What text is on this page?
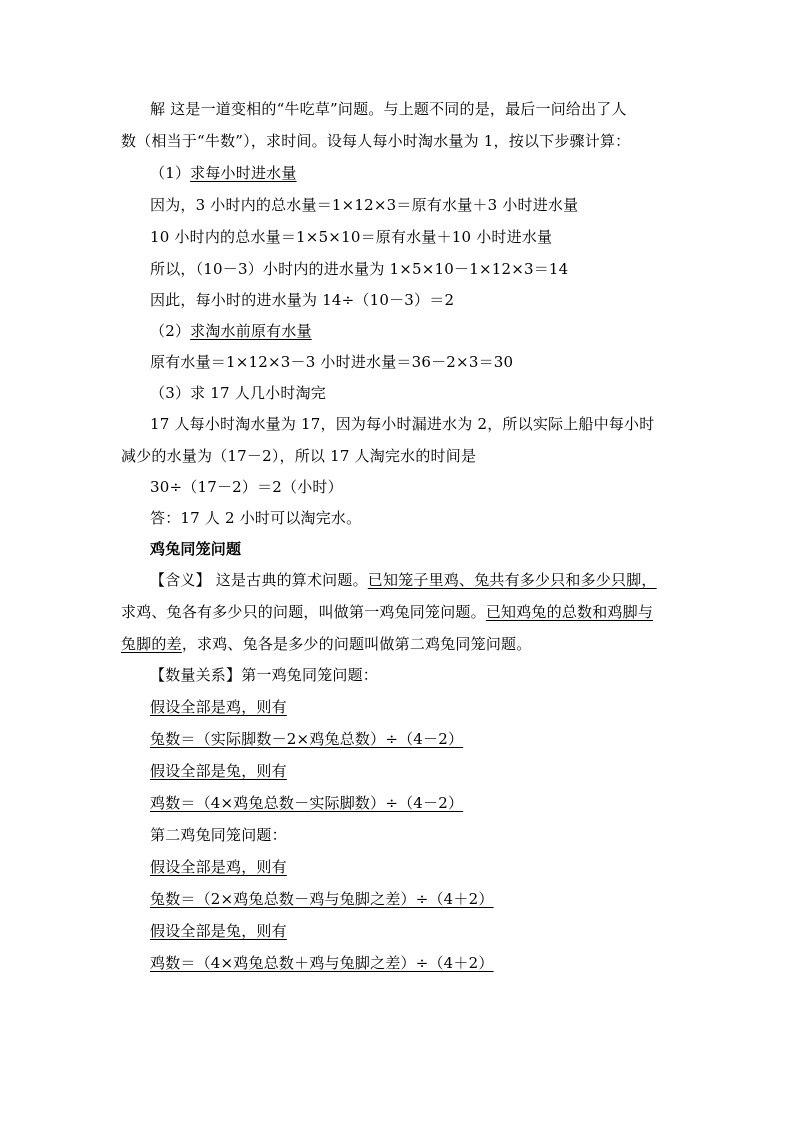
解 这是一道变相的“牛吃草”问题。与上题不同的是，最后一问给出了人
数（相当于“牛数”），求时间。设每人每小时淘水量为 1，按以下步骤计算：
（1）求每小时进水量
因为，3 小时内的总水量＝1×12×3＝原有水量＋3 小时进水量
10 小时内的总水量＝1×5×10＝原有水量＋10 小时进水量
所以，（10－3）小时内的进水量为 1×5×10－1×12×3＝14
因此，每小时的进水量为 14÷（10－3）＝2
（2）求淘水前原有水量
原有水量＝1×12×3－3 小时进水量＝36－2×3＝30
（3）求 17 人几小时淘完
17 人每小时淘水量为 17，因为每小时漏进水为 2，所以实际上船中每小时
减少的水量为（17－2），所以 17 人淘完水的时间是
30÷（17－2）＝2（小时）
答：17 人 2 小时可以淘完水。
鸡兔同笼问题
【含义】 这是古典的算术问题。已知笼子里鸡、兔共有多少只和多少只脚，
求鸡、兔各有多少只的问题，叫做第一鸡兔同笼问题。已知鸡兔的总数和鸡脚与
兔脚的差，求鸡、兔各是多少的问题叫做第二鸡兔同笼问题。
【数量关系】第一鸡兔同笼问题：
假设全部是鸡，则有
兔数＝（实际脚数－2×鸡兔总数）÷（4－2）
假设全部是兔，则有
鸡数＝（4×鸡兔总数－实际脚数）÷（4－2）
第二鸡兔同笼问题：
假设全部是鸡，则有
兔数＝（2×鸡兔总数－鸡与兔脚之差）÷（4＋2）
假设全部是兔，则有
鸡数＝（4×鸡兔总数＋鸡与兔脚之差）÷（4＋2）
